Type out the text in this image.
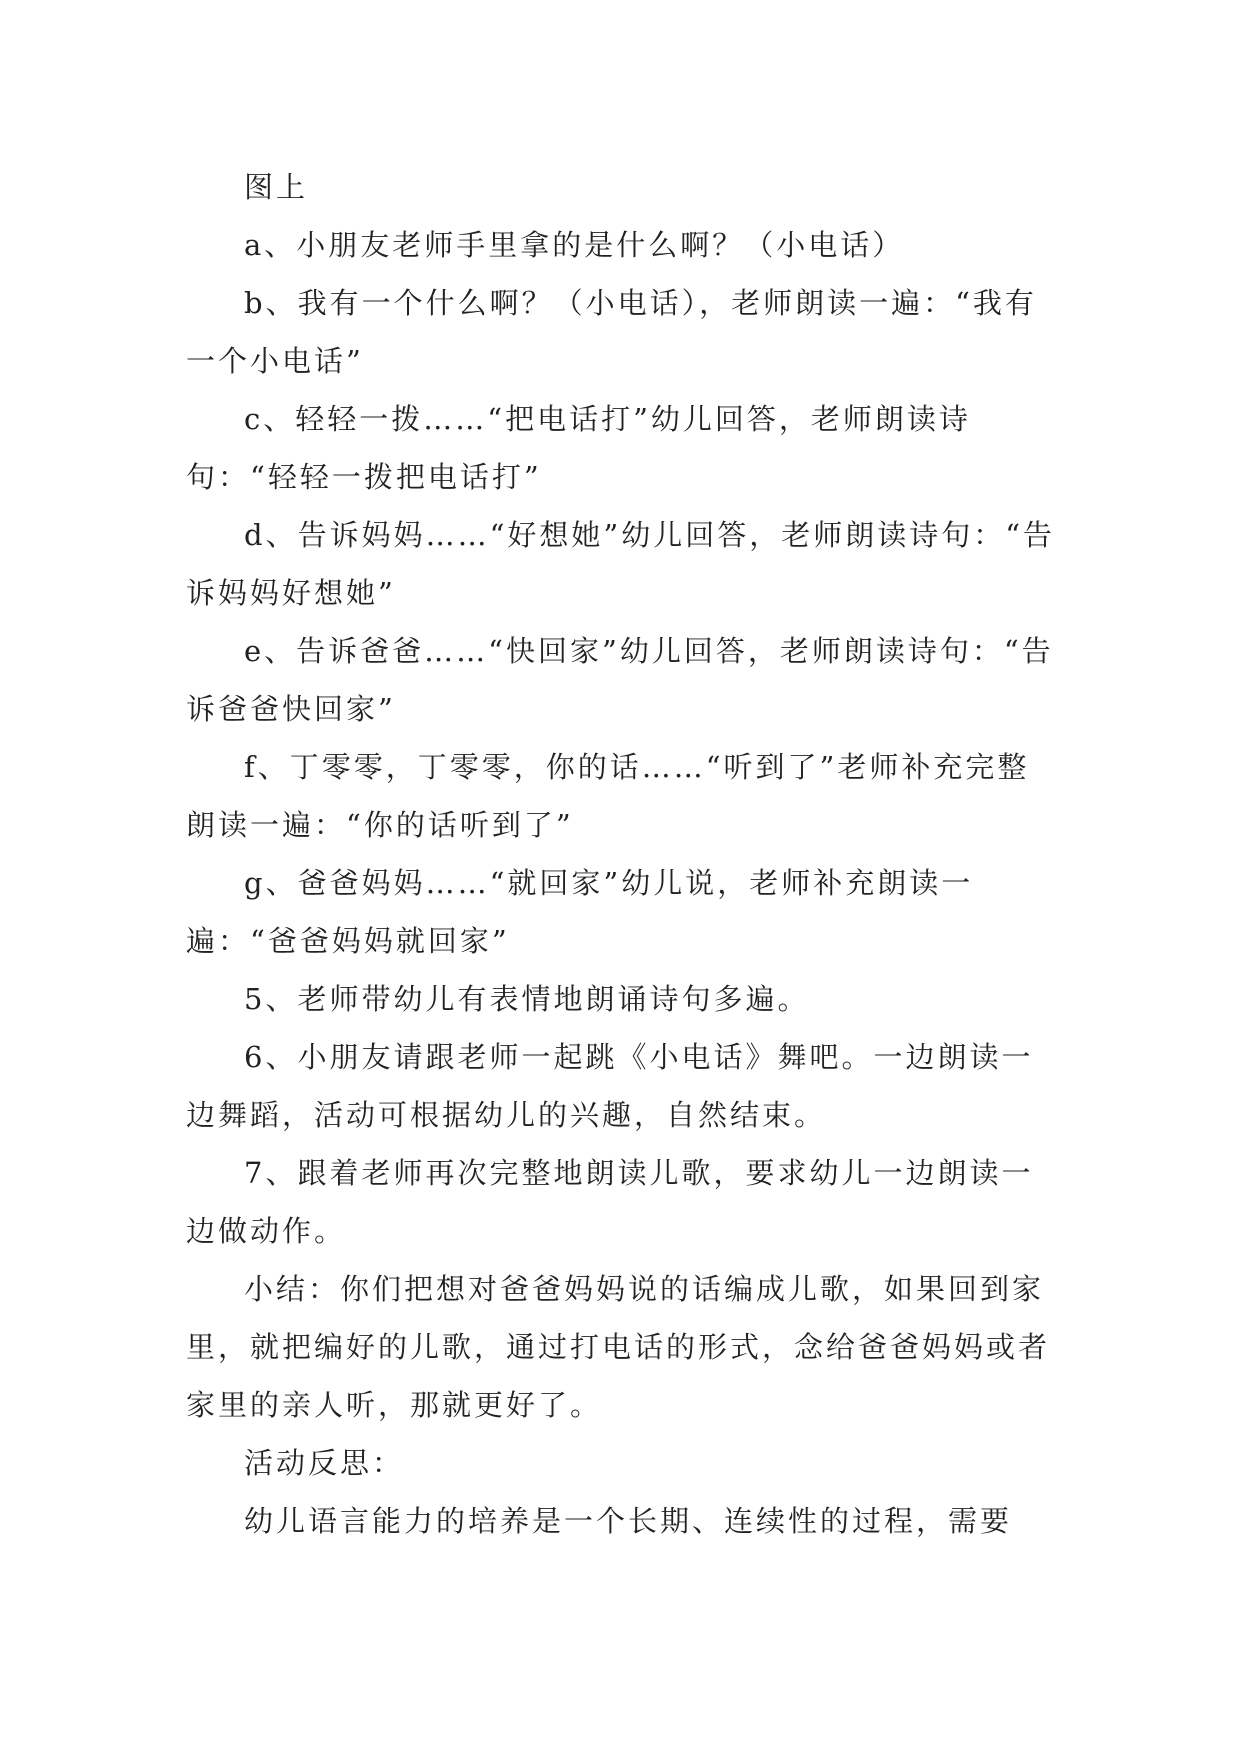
图上

a、小朋友老师手里拿的是什么啊？（小电话）

b、我有一个什么啊？（小电话），老师朗读一遍：“我有一个小电话”

c、轻轻一拨……“把电话打”幼儿回答，老师朗读诗句：“轻轻一拨把电话打”

d、告诉妈妈……“好想她”幼儿回答，老师朗读诗句：“告诉妈妈好想她”

e、告诉爸爸……“快回家”幼儿回答，老师朗读诗句：“告诉爸爸快回家”

f、丁零零，丁零零，你的话……“听到了”老师补充完整朗读一遍：“你的话听到了”

g、爸爸妈妈……“就回家”幼儿说，老师补充朗读一遍：“爸爸妈妈就回家”

5、老师带幼儿有表情地朗诵诗句多遍。

6、小朋友请跟老师一起跳《小电话》舞吧。一边朗读一边舞蹈，活动可根据幼儿的兴趣，自然结束。

7、跟着老师再次完整地朗读儿歌，要求幼儿一边朗读一边做动作。

小结：你们把想对爸爸妈妈说的话编成儿歌，如果回到家里，就把编好的儿歌，通过打电话的形式，念给爸爸妈妈或者家里的亲人听，那就更好了。

活动反思：

幼儿语言能力的培养是一个长期、连续性的过程，需要
